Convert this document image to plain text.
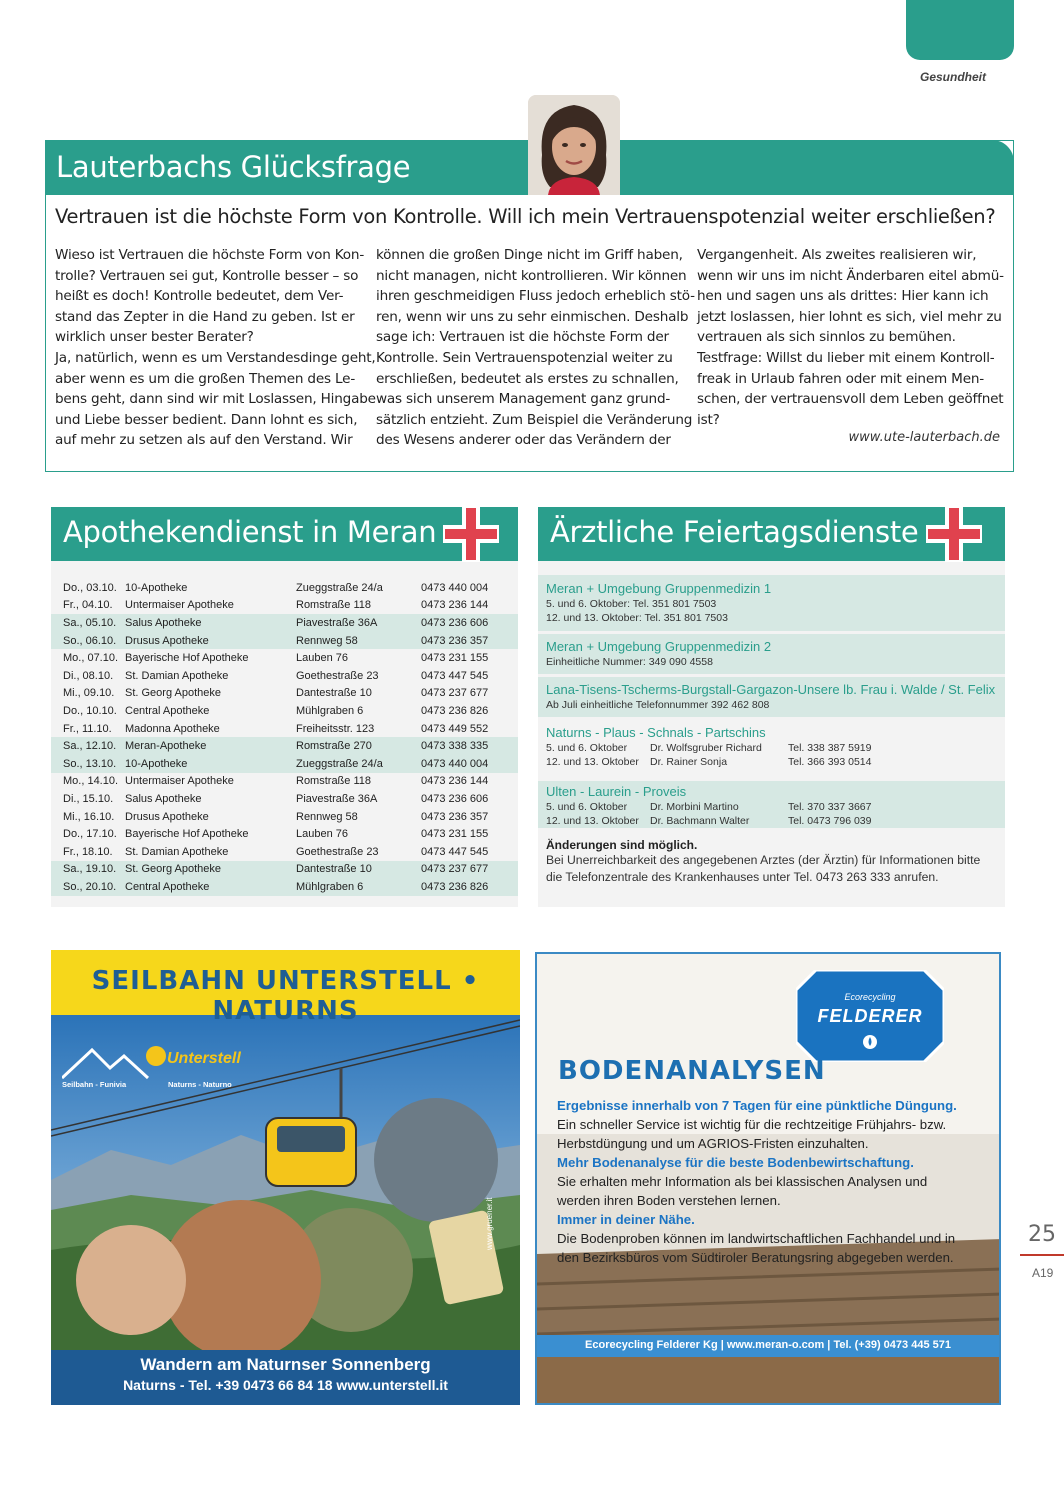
Gesundheit
Lauterbachs Glücksfrage
Vertrauen ist die höchste Form von Kontrolle. Will ich mein Vertrauenspotenzial weiter erschließen?

Wieso ist Vertrauen die höchste Form von Kon-

trolle? Vertrauen sei gut, Kontrolle besser – so

heißt es doch! Kontrolle bedeutet, dem Ver-

stand das Zepter in die Hand zu geben. Ist er

wirklich unser bester Berater?

Ja, natürlich, wenn es um Verstandesdinge geht,

aber wenn es um die großen Themen des Le-

bens geht, dann sind wir mit Loslassen, Hingabe

und Liebe besser bedient. Dann lohnt es sich,

auf mehr zu setzen als auf den Verstand. Wir

können die großen Dinge nicht im Griff haben,

nicht managen, nicht kontrollieren. Wir können

ihren geschmeidigen Fluss jedoch erheblich stö-

ren, wenn wir uns zu sehr einmischen. Deshalb

sage ich: Vertrauen ist die höchste Form der

Kontrolle. Sein Vertrauenspotenzial weiter zu

erschließen, bedeutet als erstes zu schnallen,

was sich unserem Management ganz grund-

sätzlich entzieht. Zum Beispiel die Veränderung

des Wesens anderer oder das Verändern der

Vergangenheit. Als zweites realisieren wir,

wenn wir uns im nicht Änderbaren eitel abmü-

hen und sagen uns als drittes: Hier kann ich

jetzt loslassen, hier lohnt es sich, viel mehr zu

vertrauen als sich sinnlos zu bemühen.

Testfrage: Willst du lieber mit einem Kontroll-

freak in Urlaub fahren oder mit einem Men-

schen, der vertrauensvoll dem Leben geöffnet

ist?

www.ute-lauterbach.de
Apothekendienst in Meran
Do., 03.10. 10-Apotheke	Zueggstraße 24/a	0473 440 004
Fr., 04.10.	Untermaiser Apotheke	Romstraße 118	0473 236 144
Sa., 05.10. Salus Apotheke	Piavestraße 36A	0473 236 606
So., 06.10. Drusus Apotheke	Rennweg 58	0473 236 357
Mo., 07.10. Bayerische Hof Apotheke	Lauben 76	0473 231 155
Di., 08.10.	St. Damian Apotheke	Goethestraße 23	0473 447 545
Mi., 09.10. St. Georg Apotheke	Dantestraße 10	0473 237 677
Do., 10.10. Central Apotheke	Mühlgraben 6	0473 236 826
Fr., 11.10.	Madonna Apotheke	Freiheitsstr. 123	0473 449 552
Sa., 12.10. Meran-Apotheke	Romstraße 270	0473 338 335
So., 13.10. 10-Apotheke	Zueggstraße 24/a	0473 440 004
Mo., 14.10. Untermaiser Apotheke	Romstraße 118	0473 236 144
Di., 15.10.	Salus Apotheke	Piavestraße 36A	0473 236 606
Mi., 16.10. Drusus Apotheke	Rennweg 58	0473 236 357
Do., 17.10. Bayerische Hof Apotheke	Lauben 76	0473 231 155
Fr., 18.10.	St. Damian Apotheke	Goethestraße 23	0473 447 545
Sa., 19.10. St. Georg Apotheke	Dantestraße 10	0473 237 677
So., 20.10. Central Apotheke	Mühlgraben 6	0473 236 826
Ärztliche Feiertagsdienste
Meran + Umgebung Gruppenmedizin 1
5. und 6. Oktober: Tel. 351 801 7503
12. und 13. Oktober: Tel. 351 801 7503
Meran + Umgebung Gruppenmedizin 2
Einheitliche Nummer: 349 090 4558
Lana-Tisens-Tscherms-Burgstall-Gargazon-Unsere lb. Frau i. Walde / St. Felix
Ab Juli einheitliche Telefonnummer 392 462 808
Naturns - Plaus - Schnals - Partschins
5. und 6. Oktober	Dr. Wolfsgruber Richard	Tel. 338 387 5919
12. und 13. Oktober	Dr. Rainer Sonja	Tel. 366 393 0514
Ulten - Laurein - Proveis
5. und 6. Oktober	Dr. Morbini Martino	Tel. 370 337 3667
12. und 13. Oktober	Dr. Bachmann Walter	Tel. 0473 796 039
Änderungen sind möglich.
Bei Unerreichbarkeit des angegebenen Arztes (der Ärztin) für Informationen bitte
die Telefonzentrale des Krankenhauses unter Tel. 0473 263 333 anrufen.
SEILBAHN UNTERSTELL • NATURNS
Unterstell
Seilbahn - Funivia	Naturns - Naturno
www.gruener.it
Wandern am Naturnser Sonnenberg
Naturns - Tel. +39 0473 66 84 18 www.unterstell.it
Ecorecycling
FELDERER
BODENANALYSEN
Ergebnisse innerhalb von 7 Tagen für eine pünktliche Düngung.
Ein schneller Service ist wichtig für die rechtzeitige Frühjahrs- bzw.
Herbstdüngung und um AGRIOS-Fristen einzuhalten.
Mehr Bodenanalyse für die beste Bodenbewirtschaftung.
Sie erhalten mehr Information als bei klassischen Analysen und
werden ihren Boden verstehen lernen.
Immer in deiner Nähe.
Die Bodenproben können im landwirtschaftlichen Fachhandel und in
den Bezirksbüros vom Südtiroler Beratungsring abgegeben werden.
Ecorecycling Felderer Kg | www.meran-o.com | Tel. (+39) 0473 445 571
25
A19
